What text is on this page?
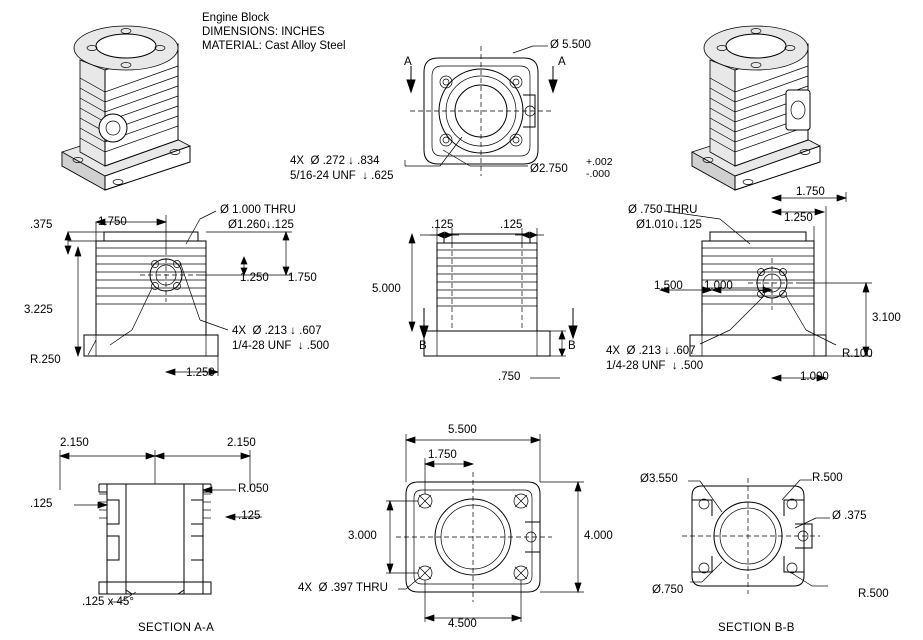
Engine Block
DIMENSIONS: INCHES
MATERIAL: Cast Alloy Steel	Ø 5.500
A	A
4X  Ø .272 ↓ .834
5/16-24 UNF  ↓ .625
Ø2.750
+.002
-.000
Ø 1.000 THRU
Ø1.260↓.125
.375	1.750
1.250 1.750
3.225
R.250
1.250
4X  Ø .213 ↓ .607
1/4-28 UNF  ↓ .500
.125	.125
5.000
B	B
.750
Ø .750 THRU
Ø1.010↓.125
1.750
1.250
1.500 1.000
3.100
R.100
1.000
4X  Ø .213 ↓ .607
1/4-28 UNF  ↓ .500
2.150	2.150
R.050
.125
.125
.125 x 45°
SECTION A-A
5.500
1.750
3.000	4.000
4X  Ø .397 THRU
4.500
Ø3.550	R.500
Ø .375
Ø.750	R.500
SECTION B-B
